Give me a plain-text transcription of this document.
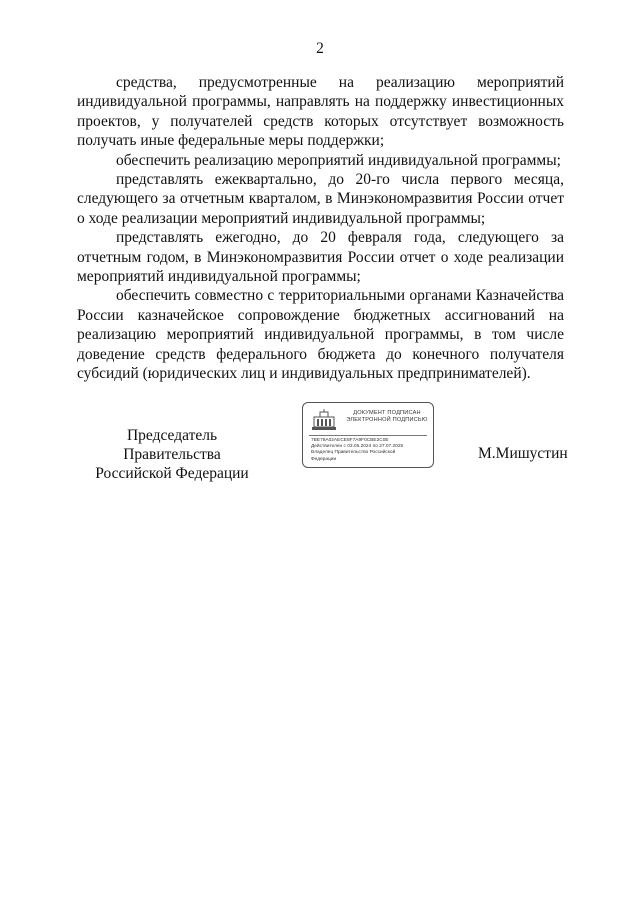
2

средства, предусмотренные на реализацию мероприятий индивидуальной программы, направлять на поддержку инвестиционных проектов, у получателей средств которых отсутствует возможность получать иные федеральные меры поддержки;

обеспечить реализацию мероприятий индивидуальной программы;

представлять ежеквартально, до 20-го числа первого месяца, следующего за отчетным кварталом, в Минэкономразвития России отчет о ходе реализации мероприятий индивидуальной программы;

представлять ежегодно, до 20 февраля года, следующего за отчетным годом, в Минэкономразвития России отчет о ходе реализации мероприятий индивидуальной программы;

обеспечить совместно с территориальными органами Казначейства России казначейское сопровождение бюджетных ассигнований на реализацию мероприятий индивидуальной программы, в том числе доведение средств федерального бюджета до конечного получателя субсидий (юридических лиц и индивидуальных предпринимателей).

Председатель Правительства
Российской Федерации
ДОКУМЕНТ ПОДПИСАН
ЭЛЕКТРОННОЙ ПОДПИСЬЮ
7BE79A02AECE8F7A9F0CBE2C0E
Действителен с 03.05.2024 по 27.07.2025
Владелец Правительство Российской
Федерации	М.Мишустин
